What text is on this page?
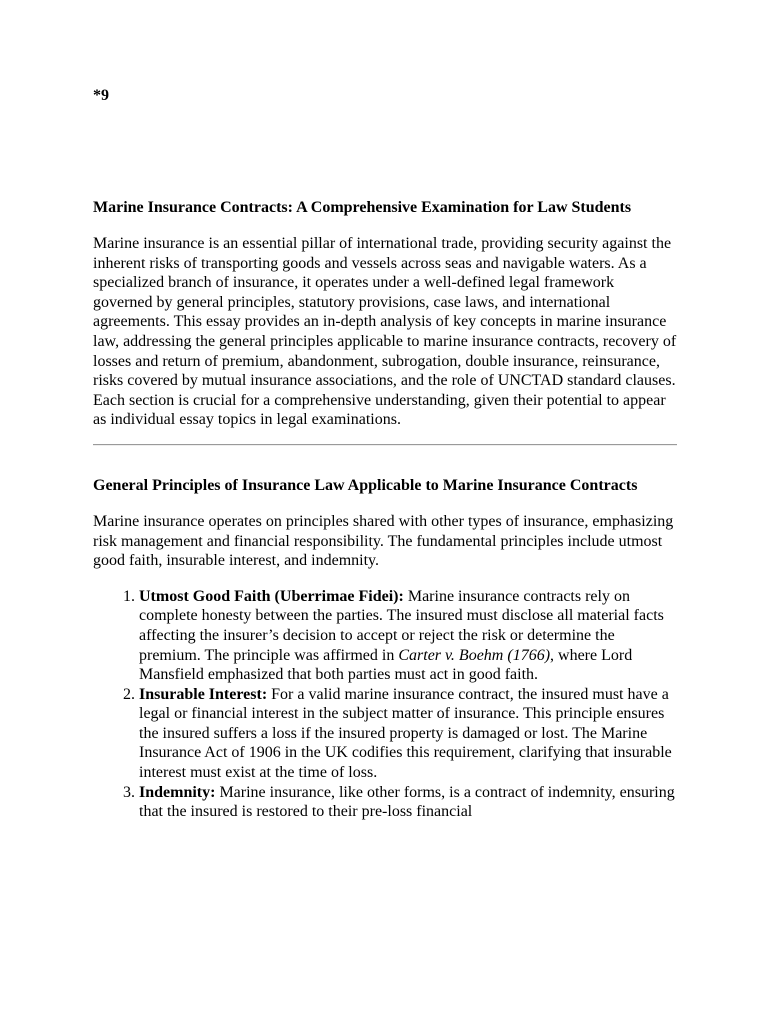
*9
Marine Insurance Contracts: A Comprehensive Examination for Law Students

Marine insurance is an essential pillar of international trade, providing security against the inherent risks of transporting goods and vessels across seas and navigable waters. As a specialized branch of insurance, it operates under a well-defined legal framework governed by general principles, statutory provisions, case laws, and international agreements. This essay provides an in-depth analysis of key concepts in marine insurance law, addressing the general principles applicable to marine insurance contracts, recovery of losses and return of premium, abandonment, subrogation, double insurance, reinsurance, risks covered by mutual insurance associations, and the role of UNCTAD standard clauses. Each section is crucial for a comprehensive understanding, given their potential to appear as individual essay topics in legal examinations.

General Principles of Insurance Law Applicable to Marine Insurance Contracts

Marine insurance operates on principles shared with other types of insurance, emphasizing risk management and financial responsibility. The fundamental principles include utmost good faith, insurable interest, and indemnity.

1. Utmost Good Faith (Uberrimae Fidei): Marine insurance contracts rely on complete honesty between the parties. The insured must disclose all material facts affecting the insurer’s decision to accept or reject the risk or determine the premium. The principle was affirmed in Carter v. Boehm (1766), where Lord Mansfield emphasized that both parties must act in good faith.
2. Insurable Interest: For a valid marine insurance contract, the insured must have a legal or financial interest in the subject matter of insurance. This principle ensures the insured suffers a loss if the insured property is damaged or lost. The Marine Insurance Act of 1906 in the UK codifies this requirement, clarifying that insurable interest must exist at the time of loss.
3. Indemnity: Marine insurance, like other forms, is a contract of indemnity, ensuring that the insured is restored to their pre-loss financial
